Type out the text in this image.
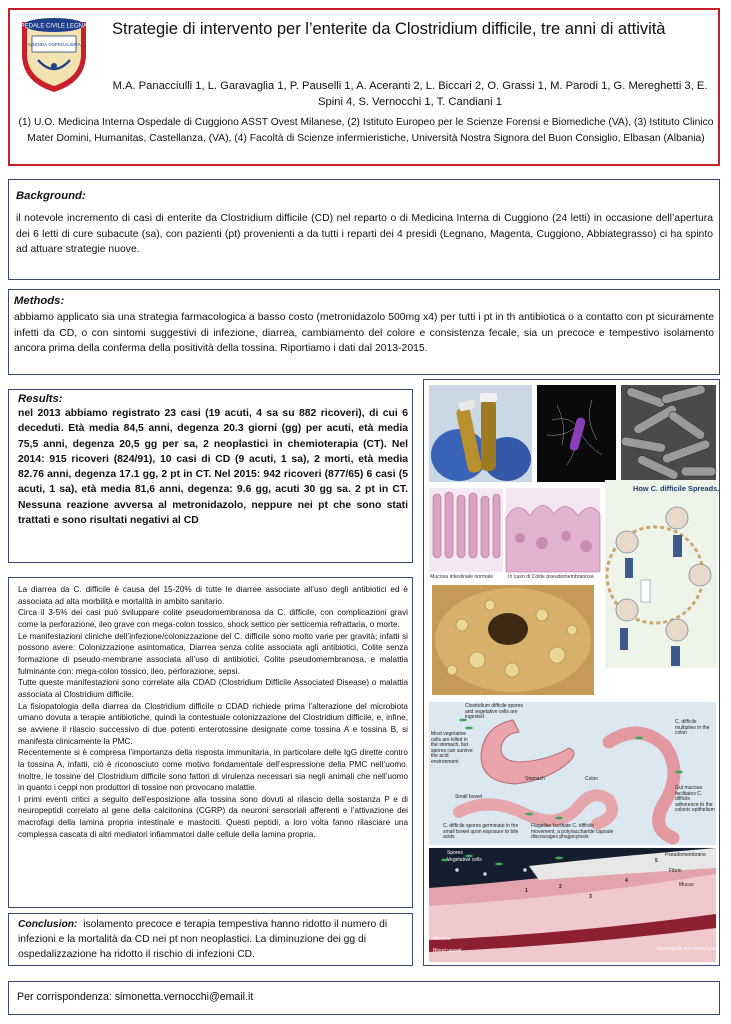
OSPEDALE CIVILE LEGNANO
AZIENDA OSPEDALIERA
Strategie di intervento per l’enterite da Clostridium difficile, tre anni di attività
M.A. Panacciulli 1, L. Garavaglia 1, P. Pauselli 1, A. Aceranti 2, L. Biccari 2, O. Grassi 1, M. Parodi 1, G. Mereghetti 3, E. Spini 4, S. Vernocchi 1, T. Candiani 1
(1) U.O. Medicina Interna Ospedale di Cuggiono ASST Ovest Milanese, (2) Istituto Europeo per le Scienze Forensi e Biomediche (VA), (3) Istituto Clinico Mater Domini, Humanitas, Castellanza, (VA), (4) Facoltà di Scienze infermieristiche, Università Nostra Signora del Buon Consiglio, Elbasan (Albania)
Background:
il notevole incremento di casi di enterite da Clostridium difficile (CD) nel reparto o di Medicina Interna di Cuggiono (24 letti) in occasione dell’apertura dei 6 letti di cure subacute (sa), con pazienti (pt) provenienti a da tutti i reparti dei 4 presidi (Legnano, Magenta, Cuggiono, Abbiategrasso) ci ha spinto ad attuare strategie nuove.
Methods:
abbiamo applicato sia una strategia farmacologica a basso costo (metronidazolo 500mg x4) per tutti i pt in th antibiotica o a contatto con pt sicuramente infetti da CD, o con sintomi suggestivi di infezione, diarrea, cambiamento del colore e consistenza fecale, sia un precoce e tempestivo isolamento ancora prima della conferma della positività della tossina. Riportiamo i dati dal 2013-2015.
Results:
nel 2013 abbiamo registrato 23 casi (19 acuti, 4 sa su 882 ricoveri), di cui 6 deceduti. Età media 84,5 anni, degenza 20.3 giorni (gg) per acuti, età media 75,5 anni, degenza 20,5 gg per sa, 2 neoplastici in chemioterapia (CT). Nel 2014: 915 ricoveri (824/91), 10 casi di CD (9 acuti, 1 sa), 2 morti, età media 82.76 anni, degenza 17.1 gg, 2 pt in CT. Nel 2015: 942 ricoveri (877/65) 6 casi (5 acuti, 1 sa), età media 81,6 anni, degenza: 9.6 gg, acuti 30 gg sa. 2 pt in CT. Nessuna reazione avversa al metronidazolo, neppure nei pt che sono stati trattati e sono risultati negativi al CD

La diarrea da C. difficile è causa del 15-20% di tutte le diarree associate all’uso degli antibiotici ed è associata ad alta morbilità e mortalità in ambito sanitario.

Circa il 3-5% dei casi può sviluppare colite pseudomembranosa da C. difficile, con complicazioni gravi come la perforazione, ileo grave con mega-colon tossico, shock settico per setticemia refrattaria, o morte.

Le manifestazioni cliniche dell’infezione/colonizzazione del C. difficile sono molto varie per gravità; infatti si possono avere: Colonizzazione asintomatica, Diarrea senza colite associata agli antibiotici, Colite senza formazione di pseudo-membrane associata all’uso di antibiotici, Colite pseudomembranosa, e malattia fulminante con: mega-colon tossico, ileo, perforazione, sepsi.

Tutte queste manifestazioni sono correlate alla CDAD (Clostridium Difficile Associated Disease) o malattia associata al Clostridium difficile.

La fisiopatologia della diarrea da Clostridium difficile o CDAD richiede prima l’alterazione del microbiota umano dovuta a terapie antibiotiche, quindi la contestuale colonizzazione del Clostridium difficile, e, infine, se avviene il rilascio successivo di due potenti enterotossine designate come tossina A e tossina B, si manifesta clinicamente la PMC.

Recentemente si è compresa l’importanza della risposta immunitaria, in particolare delle IgG dirette contro la tossina A, infatti, ciò è riconosciuto come motivo fondamentale dell’espressione della PMC nell’uomo. Inoltre, le tossine del Clostridium difficile sono fattori di virulenza necessari sia negli animali che nell’uomo in quanto i ceppi non produttori di tossine non provocano malattie.

I primi eventi critici a seguito dell’esposizione alla tossina sono dovuti al rilascio della sostanza P e di neuropeptidi correlato al gene della calcitonina (CGRP) da neuroni sensoriali afferenti e l’attivazione dei macrofagi della lamina propria intestinale e mastociti. Questi peptidi, a loro volta fanno rilasciare una complessa cascata di altri mediatori infiammatori dalle cellule della lamina propria.

Conclusion: isolamento precoce e terapia tempestiva hanno ridotto il numero di infezioni e la mortalità da CD nei pt non neoplastici. La diminuzione dei gg di ospedalizzazione ha ridotto il rischio di infezioni CD.
Per corrispondenza: simonetta.vernocchi@email.it
Mucosa intestinale normale	In caso di Colite pseudomembranosa
How C. difficile Spreads.
Clostridium difficile spores and vegetative cells are ingested
Most vegetative cells are killed in the stomach, but spores can survive the acid environment
Stomach	Colon
Small bowel
C. difficile spores germinate in the small bowel upon exposure to bile acids
Flagellae facilitate C. difficile movement; a polysaccharide capsule discourages phagocytosis
C. difficile multiplies in the colon
Gut mucosa facilitates C. difficile adherence to the colonic epithelium
Spores
Vegetative cells
Pseudomembrane
Fibrin
Mucus
Mucosa
Blood vessel	Neutrophils and monocytes
1
2
3
4
5
